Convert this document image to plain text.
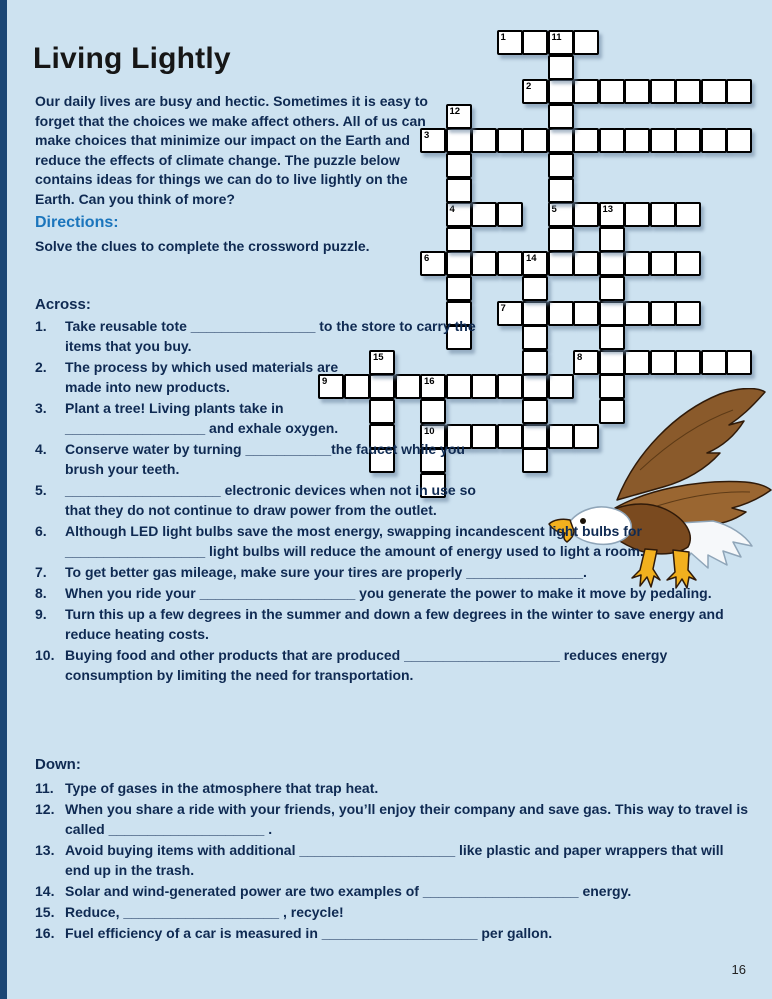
Living Lightly

Our daily lives are busy and hectic. Sometimes it is easy to forget that the choices we make affect others. All of us can make choices that minimize our impact on the Earth and reduce the effects of climate change. The puzzle below contains ideas for things we can do to live lightly on the Earth. Can you think of more?

Directions:
Solve the clues to complete the crossword puzzle.
Across:
1.	Take reusable tote ________________ to the store to carry the items that you buy.
2.	The process by which used materials are made into new products.
3.	Plant a tree! Living plants take in __________________ and exhale oxygen.
4.	Conserve water by turning ___________the faucet while you brush your teeth.
5.	____________________ electronic devices when not in use so that they do not continue to draw power from the outlet.
6.	Although LED light bulbs save the most energy, swapping incandescent light bulbs for __________________ light bulbs will reduce the amount of energy used to light a room.
7.	To get better gas mileage, make sure your tires are properly _______________.
8.	When you ride your ____________________ you generate the power to make it move by pedaling.
9.	Turn this up a few degrees in the summer and down a few degrees in the winter to save energy and reduce heating costs.
10. Buying food and other products that are produced ____________________ reduces energy consumption by limiting the need for transportation.
Down:
11. Type of gases in the atmosphere that trap heat.
12. When you share a ride with your friends, you’ll enjoy their company and save gas. This way to travel is called ____________________ .
13. Avoid buying items with additional ____________________ like plastic and paper wrappers that will end up in the trash.
14. Solar and wind-generated power are two examples of ____________________ energy.
15. Reduce, ____________________ , recycle!
16. Fuel efficiency of a car is measured in ____________________ per gallon.
1	11
2
3
4	5	13
6	14
7
8
9	16
10
12
15
16
